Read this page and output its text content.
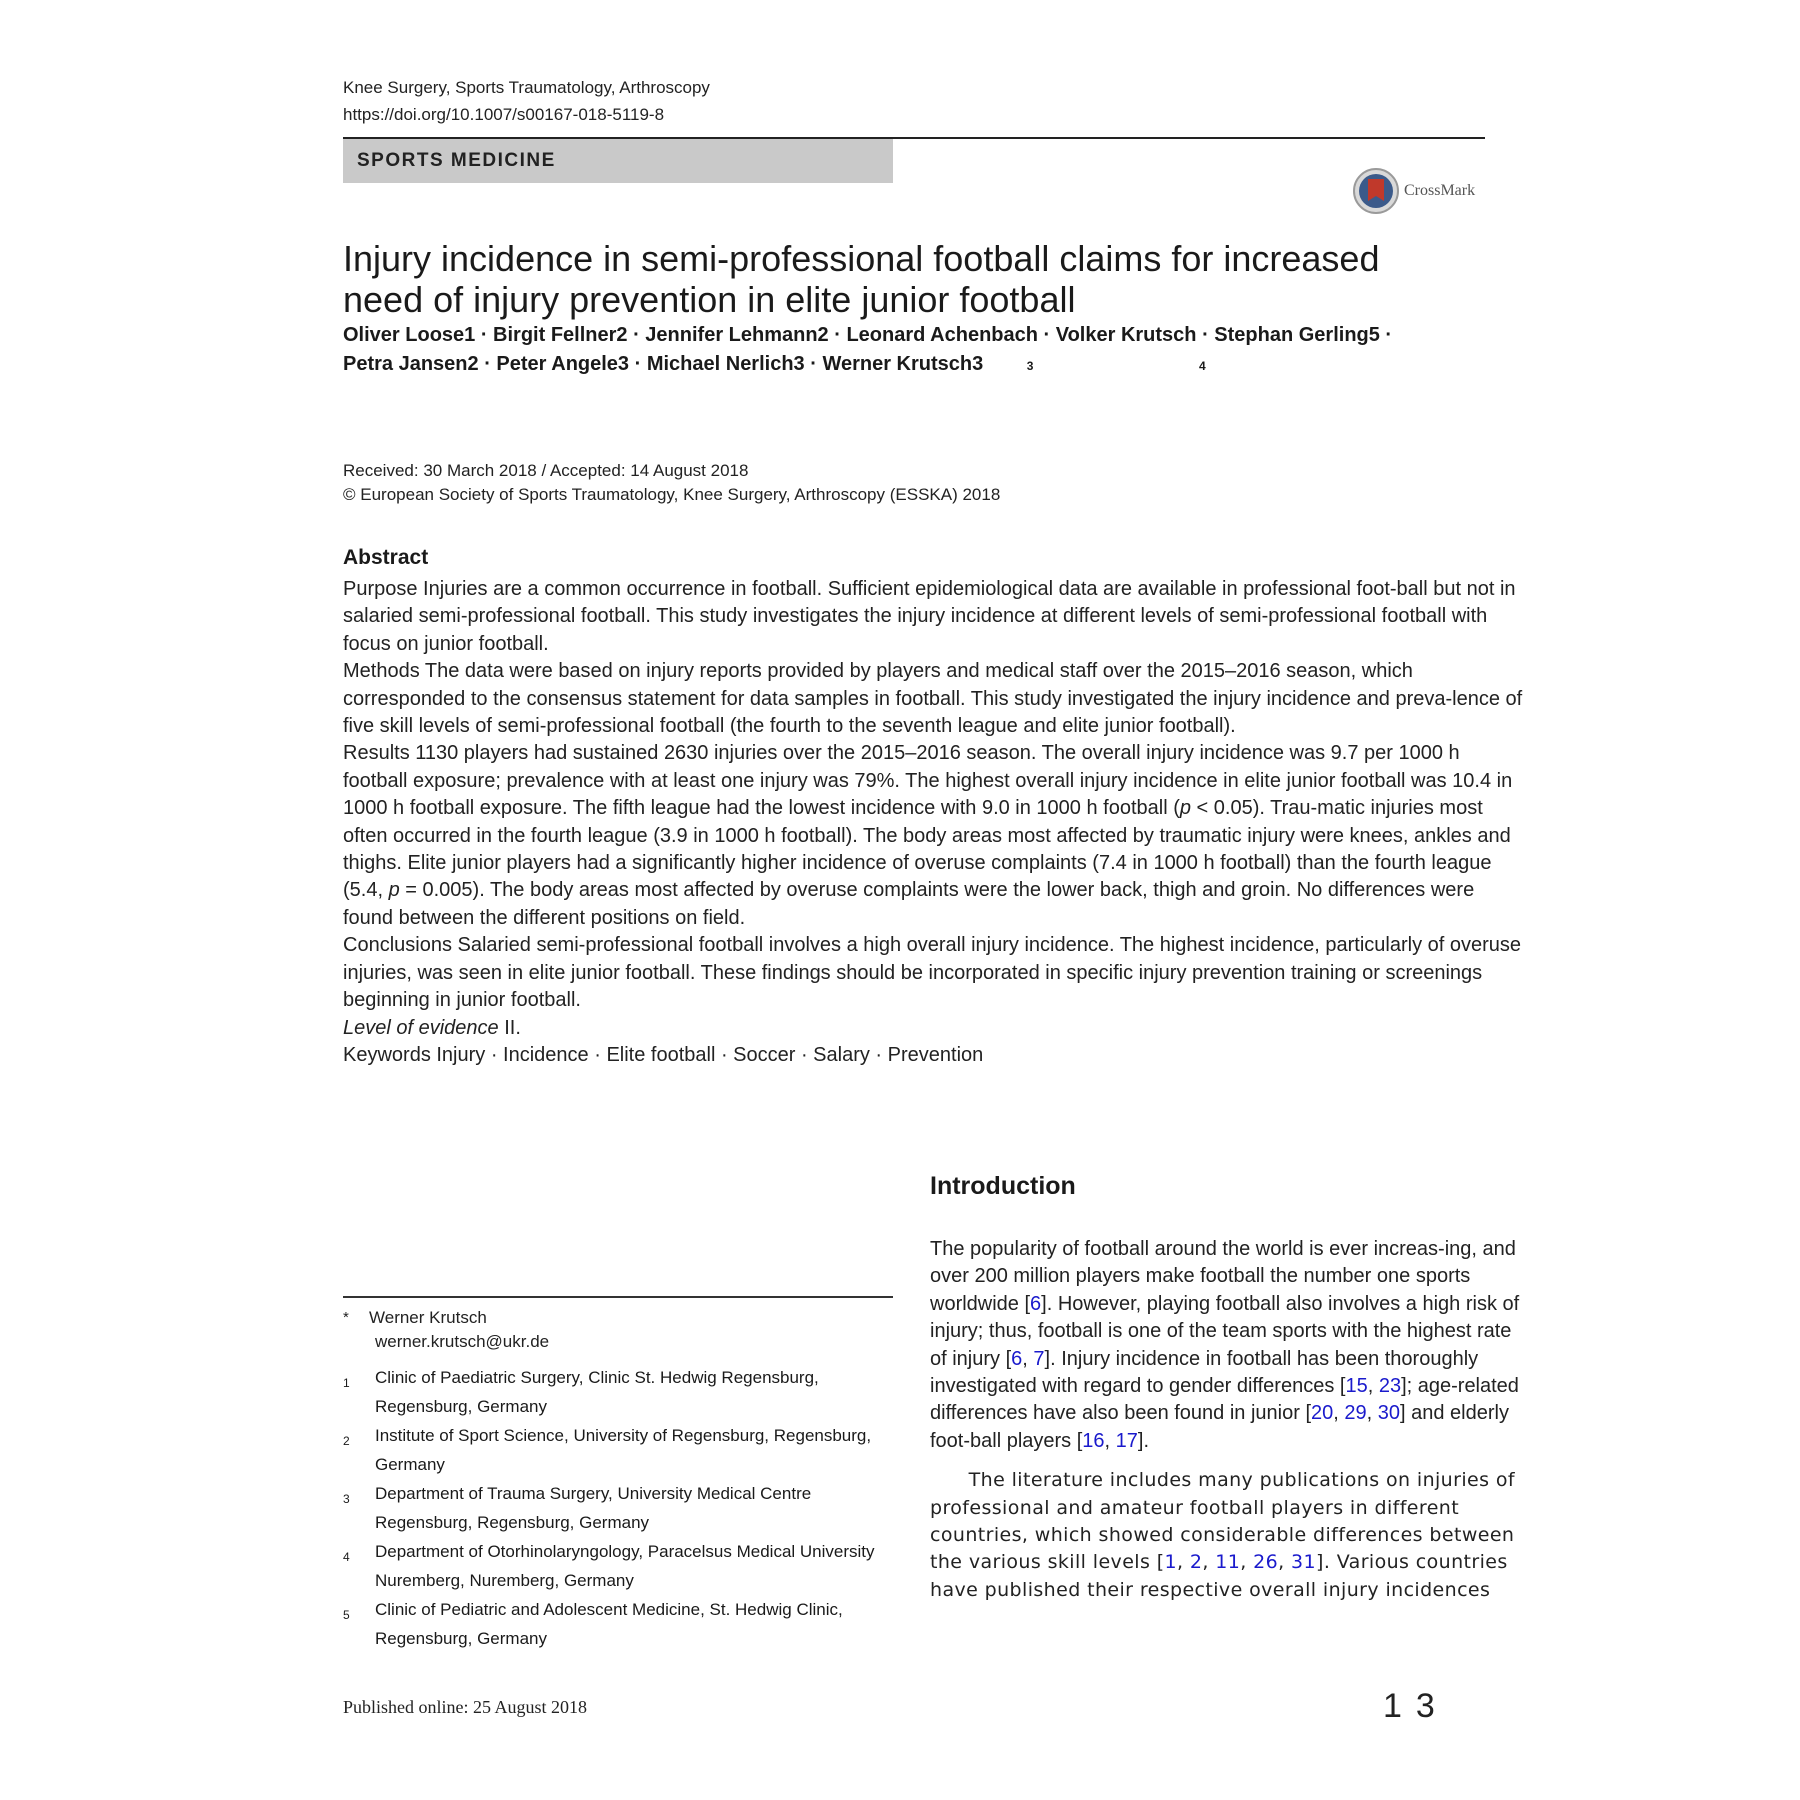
Knee Surgery, Sports Traumatology, Arthroscopy
https://doi.org/10.1007/s00167-018-5119-8
SPORTS MEDICINE
CrossMark
Injury incidence in semi-professional football claims for increased
need of injury prevention in elite junior football
Oliver Loose1 · Birgit Fellner2 · Jennifer Lehmann2 · Leonard Achenbach · Volker Krutsch · Stephan Gerling5 ·
Petra Jansen2 · Peter Angele3 · Michael Nerlich3 · Werner Krutsch3	3	4
Received: 30 March 2018 / Accepted: 14 August 2018
© European Society of Sports Traumatology, Knee Surgery, Arthroscopy (ESSKA) 2018
Abstract

Purpose Injuries are a common occurrence in football. Sufficient epidemiological data are available in professional foot-ball but not in salaried semi-professional football. This study investigates the injury incidence at different levels of semi-professional football with focus on junior football.

Methods The data were based on injury reports provided by players and medical staff over the 2015–2016 season, which corresponded to the consensus statement for data samples in football. This study investigated the injury incidence and preva-lence of five skill levels of semi-professional football (the fourth to the seventh league and elite junior football).

Results 1130 players had sustained 2630 injuries over the 2015–2016 season. The overall injury incidence was 9.7 per 1000 h football exposure; prevalence with at least one injury was 79%. The highest overall injury incidence in elite junior football was 10.4 in 1000 h football exposure. The fifth league had the lowest incidence with 9.0 in 1000 h football (p < 0.05). Trau-matic injuries most often occurred in the fourth league (3.9 in 1000 h football). The body areas most affected by traumatic injury were knees, ankles and thighs. Elite junior players had a significantly higher incidence of overuse complaints (7.4 in 1000 h football) than the fourth league (5.4, p = 0.005). The body areas most affected by overuse complaints were the lower back, thigh and groin. No differences were found between the different positions on field.

Conclusions Salaried semi-professional football involves a high overall injury incidence. The highest incidence, particularly of overuse injuries, was seen in elite junior football. These findings should be incorporated in specific injury prevention training or screenings beginning in junior football.

Level of evidence II.

Keywords Injury · Incidence · Elite football · Soccer · Salary · Prevention

* Werner Krutsch
werner.krutsch@ukr.de
1 Clinic of Paediatric Surgery, Clinic St. Hedwig Regensburg, Regensburg, Germany
2 Institute of Sport Science, University of Regensburg, Regensburg, Germany
3 Department of Trauma Surgery, University Medical Centre Regensburg, Regensburg, Germany
4 Department of Otorhinolaryngology, Paracelsus Medical University Nuremberg, Nuremberg, Germany
5 Clinic of Pediatric and Adolescent Medicine, St. Hedwig Clinic, Regensburg, Germany
Introduction

The popularity of football around the world is ever increas-ing, and over 200 million players make football the number one sports worldwide [6]. However, playing football also involves a high risk of injury; thus, football is one of the team sports with the highest rate of injury [6, 7]. Injury incidence in football has been thoroughly investigated with regard to gender differences [15, 23]; age-related differences have also been found in junior [20, 29, 30] and elderly foot-ball players [16, 17].

The literature includes many publications on injuries of professional and amateur football players in different countries, which showed considerable differences between the various skill levels [1, 2, 11, 26, 31]. Various countries have published their respective overall injury incidences

Published online: 25 August 2018	13
